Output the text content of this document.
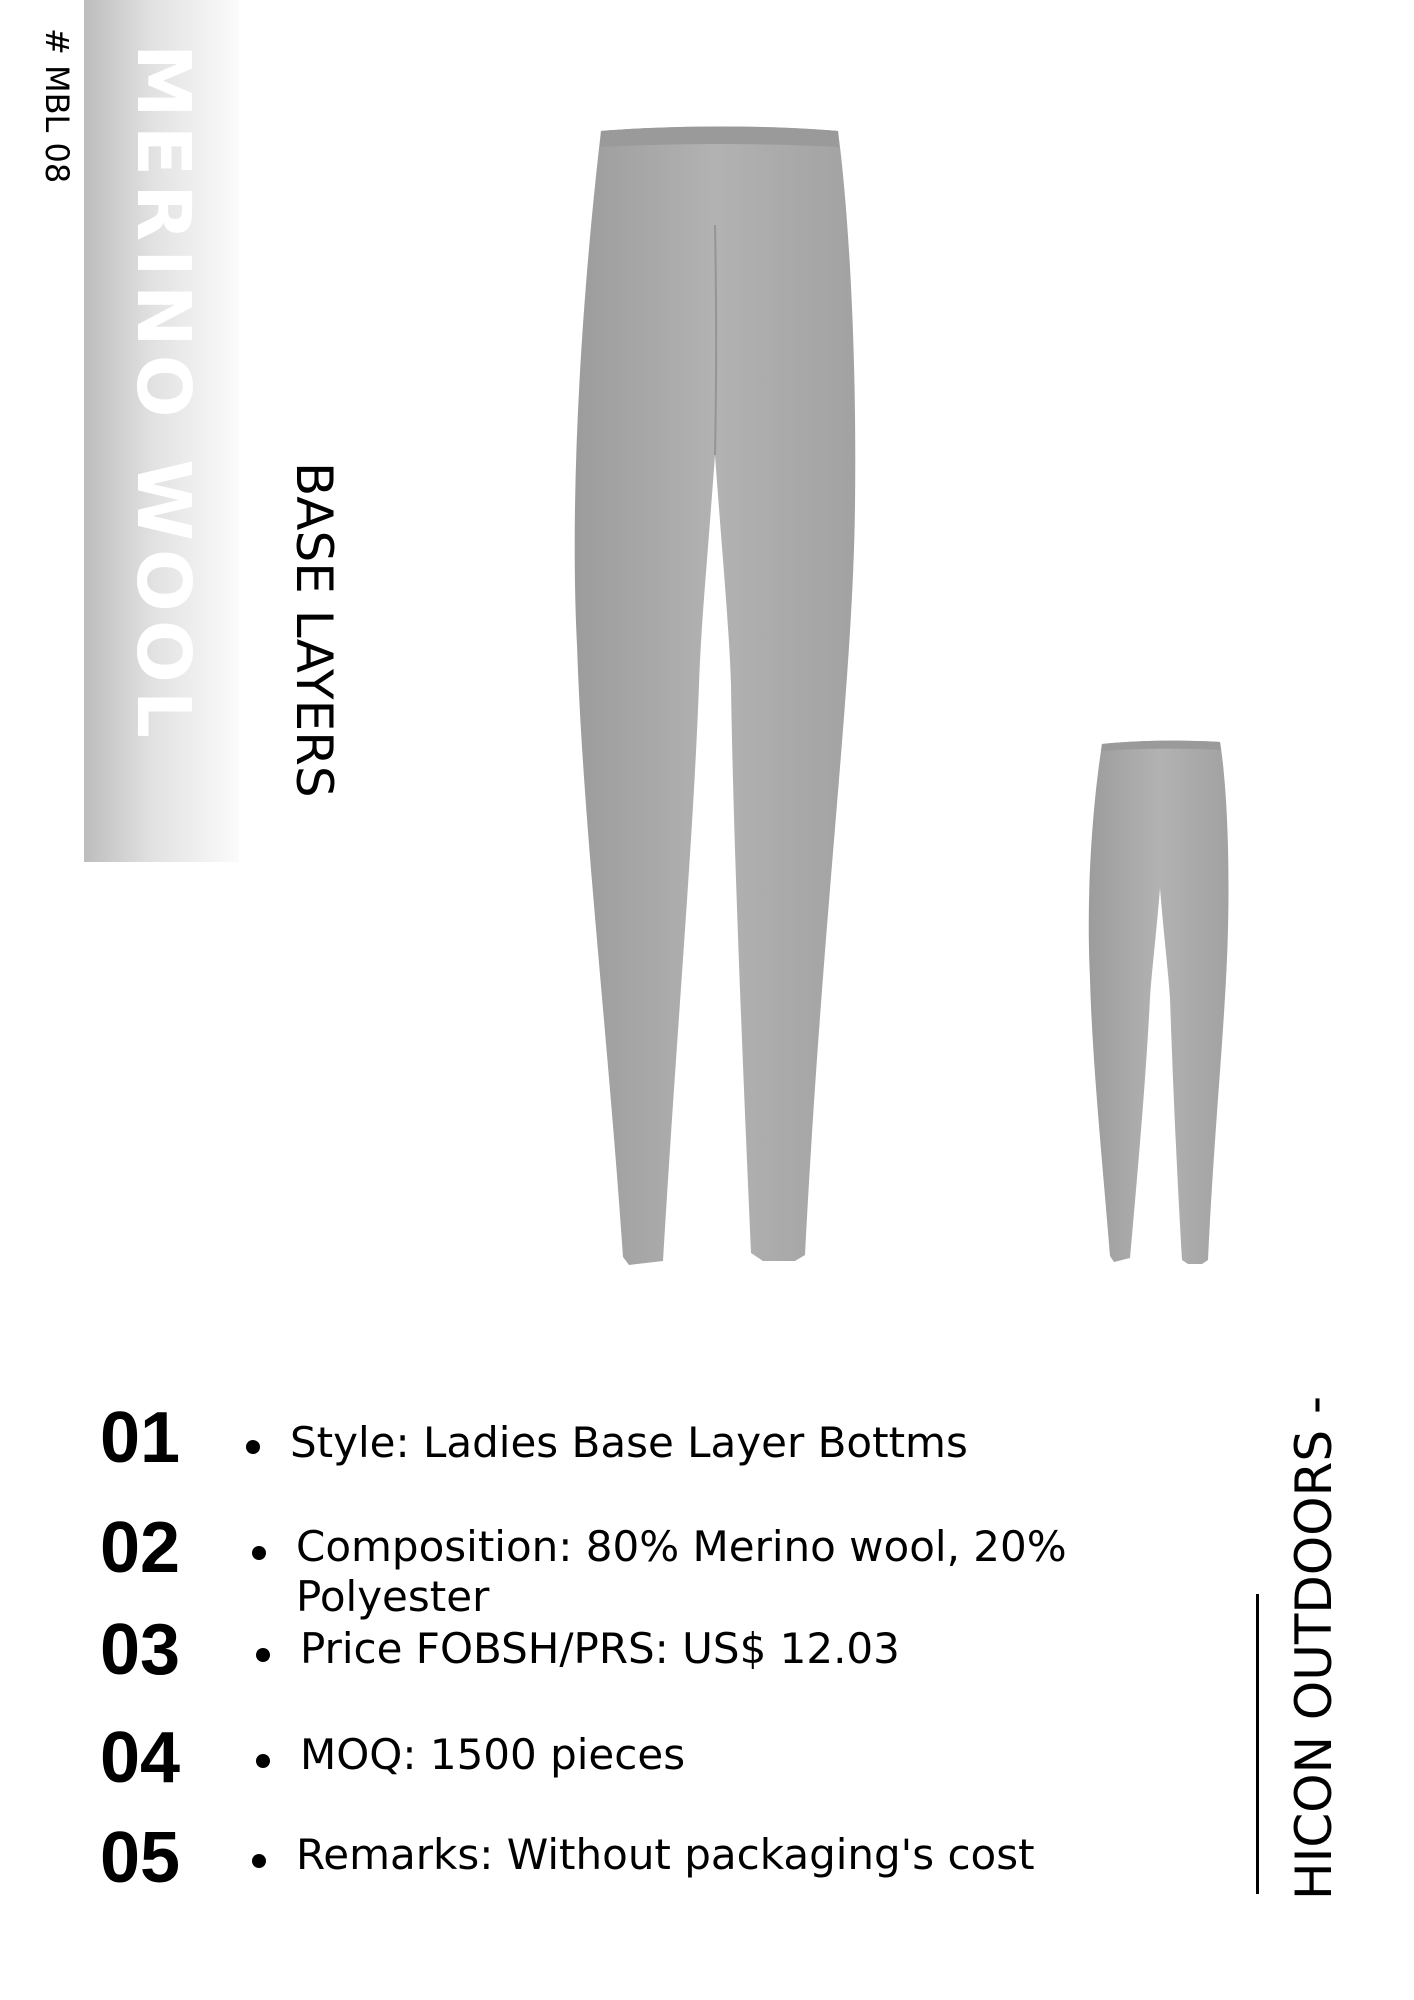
MERINO WOOL
# MBL 08
BASE LAYERS
01	Style: Ladies Base Layer Bottms
02	Composition: 80% Merino wool, 20%
Polyester
03	Price FOBSH/PRS: US$ 12.03
04	MOQ: 1500 pieces
05	Remarks: Without packaging's cost	HICON OUTDOORS -
